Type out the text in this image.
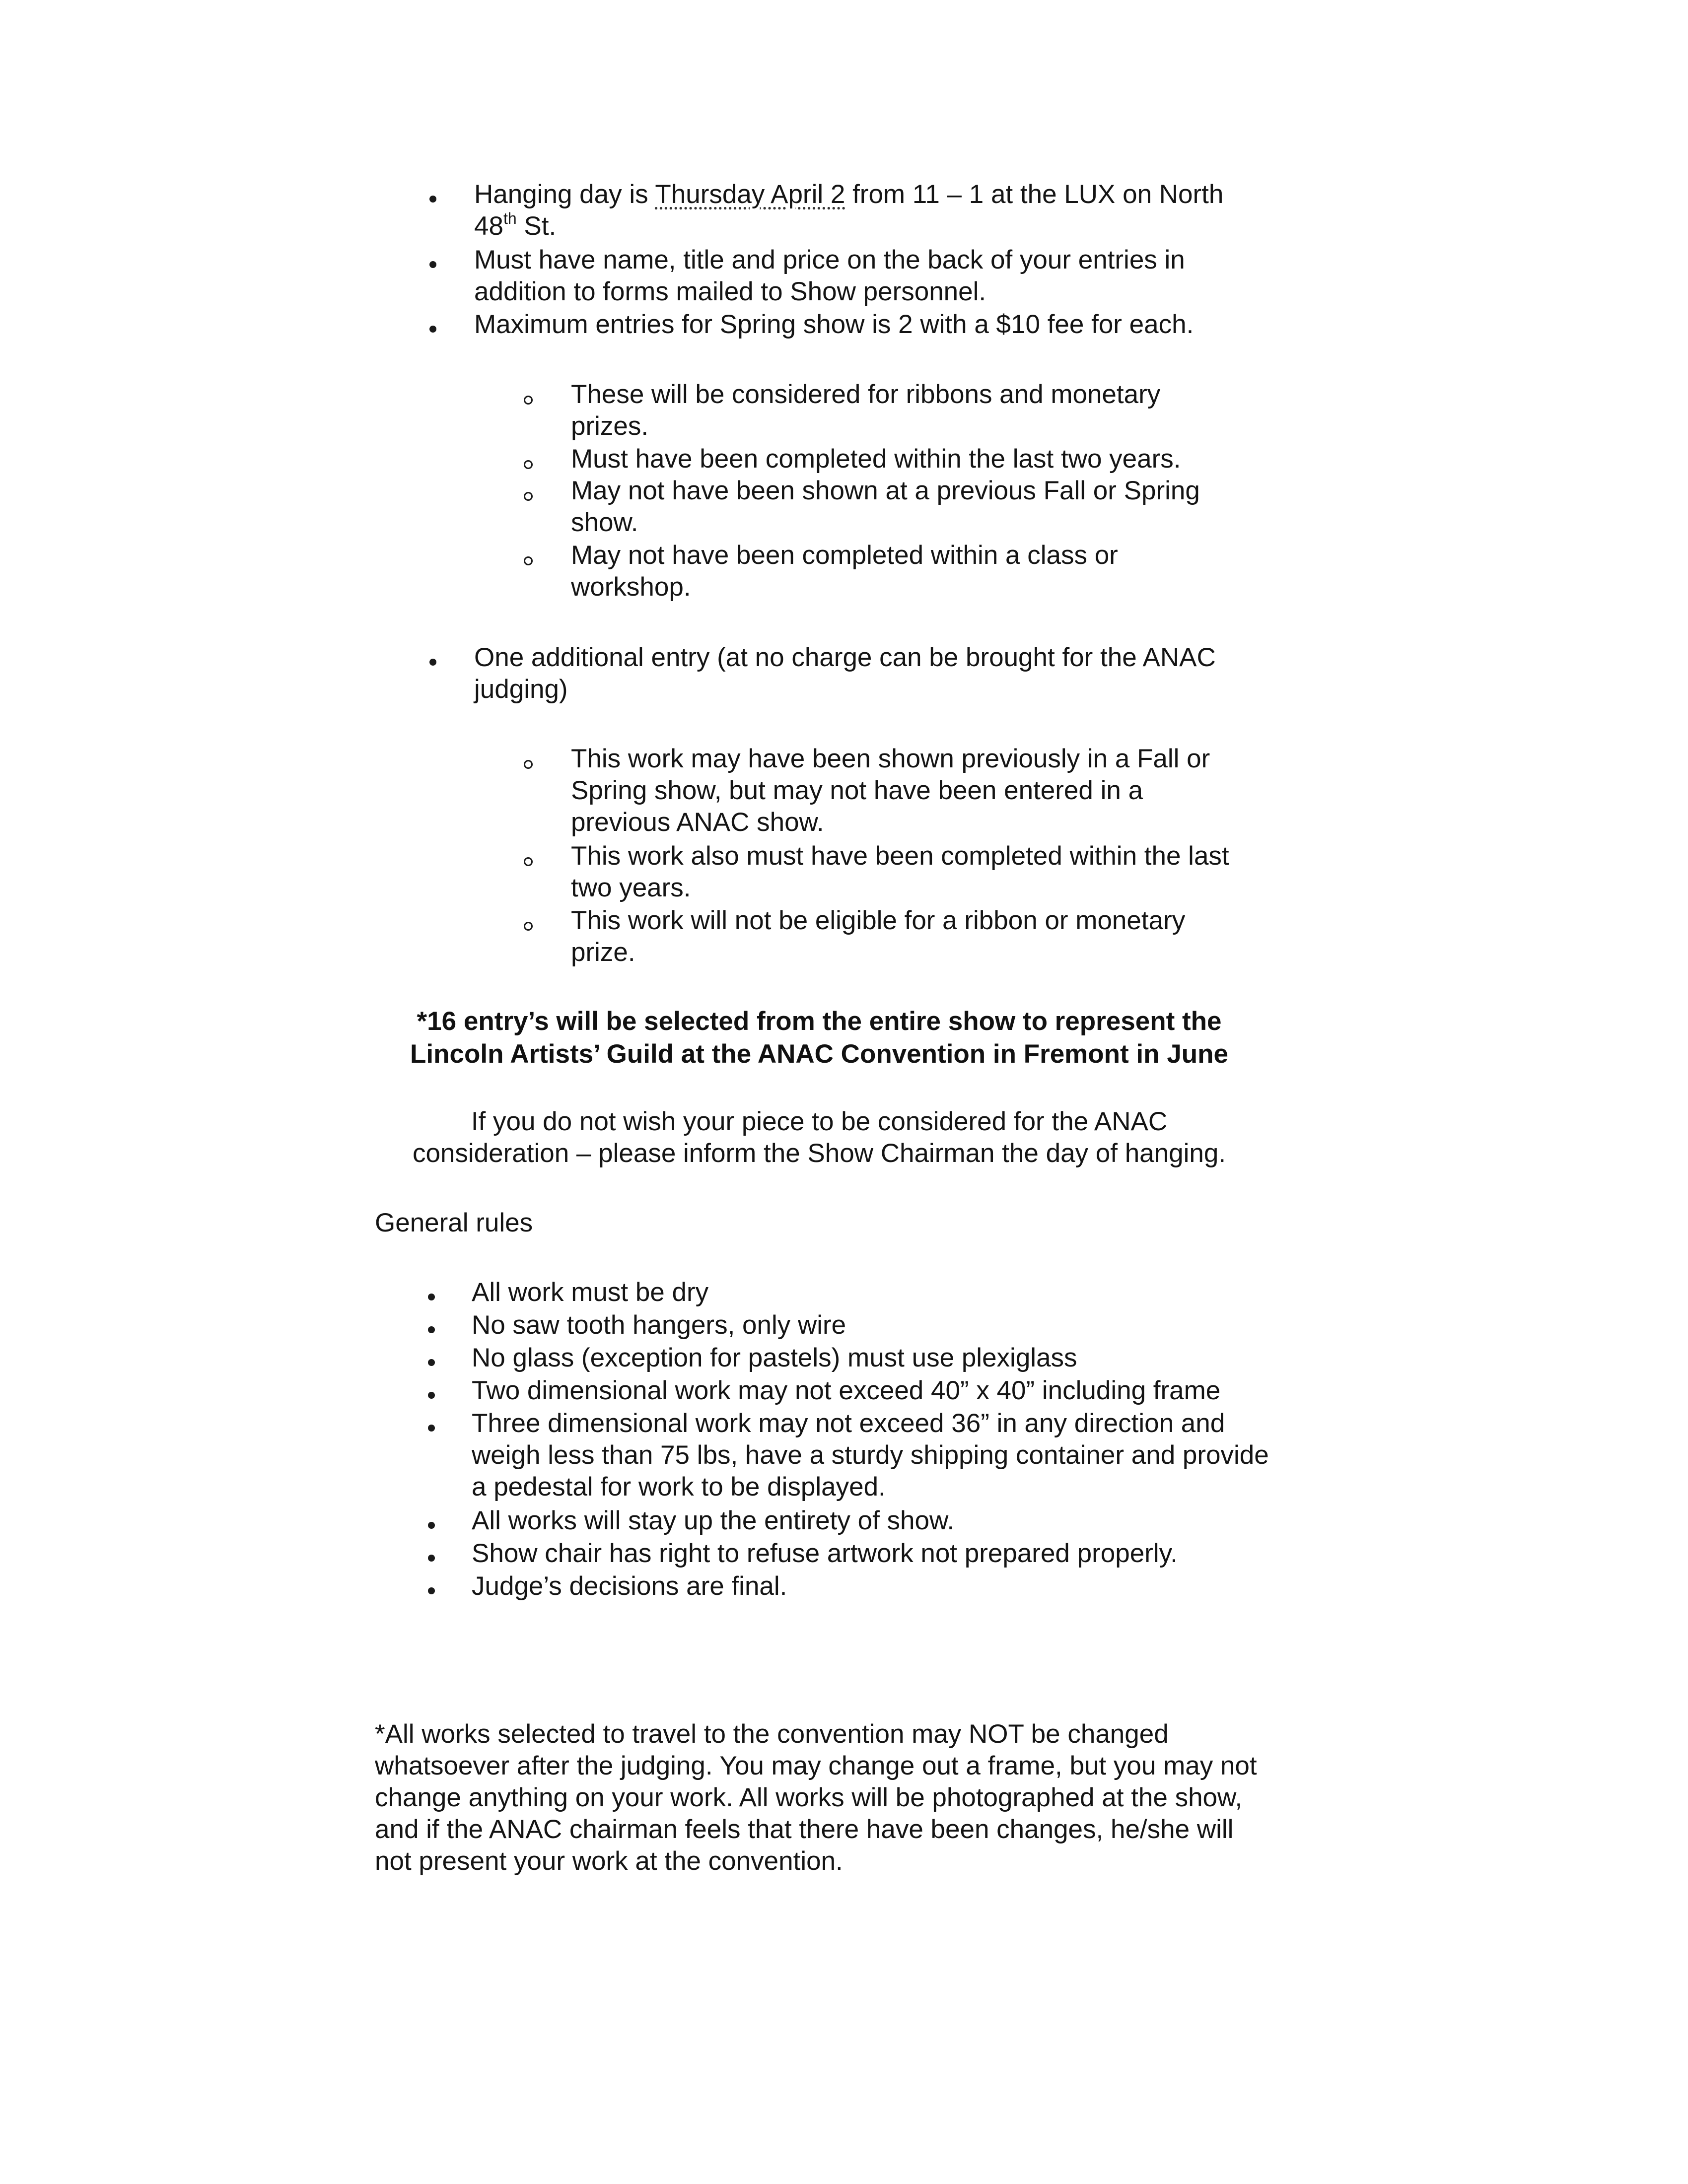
Hanging day is Thursday April 2 from 11 – 1 at the LUX on North
48th St.
Must have name, title and price on the back of your entries in addition to forms mailed to Show personnel.
Maximum entries for Spring show is 2 with a $10 fee for each.
These will be considered for ribbons and monetary prizes.
Must have been completed within the last two years.
May not have been shown at a previous Fall or Spring show.
May not have been completed within a class or workshop.
One additional entry (at no charge can be brought for the ANAC judging)
This work may have been shown previously in a Fall or Spring show, but may not have been entered in a previous ANAC show.
This work also must have been completed within the last two years.
This work will not be eligible for a ribbon or monetary prize.
*16 entry’s will be selected from the entire show to represent the
Lincoln Artists’ Guild at the ANAC Convention in Fremont in June
If you do not wish your piece to be considered for the ANAC
consideration – please inform the Show Chairman the day of hanging.
General rules
All work must be dry
No saw tooth hangers, only wire
No glass (exception for pastels) must use plexiglass
Two dimensional work may not exceed 40” x 40” including frame
Three dimensional work may not exceed 36” in any direction and weigh less than 75 lbs, have a sturdy shipping container and provide a pedestal for work to be displayed.
All works will stay up the entirety of show.
Show chair has right to refuse artwork not prepared properly.
Judge’s decisions are final.
*All works selected to travel to the convention may NOT be changed whatsoever after the judging. You may change out a frame, but you may not change anything on your work. All works will be photographed at the show, and if the ANAC chairman feels that there have been changes, he/she will not present your work at the convention.
